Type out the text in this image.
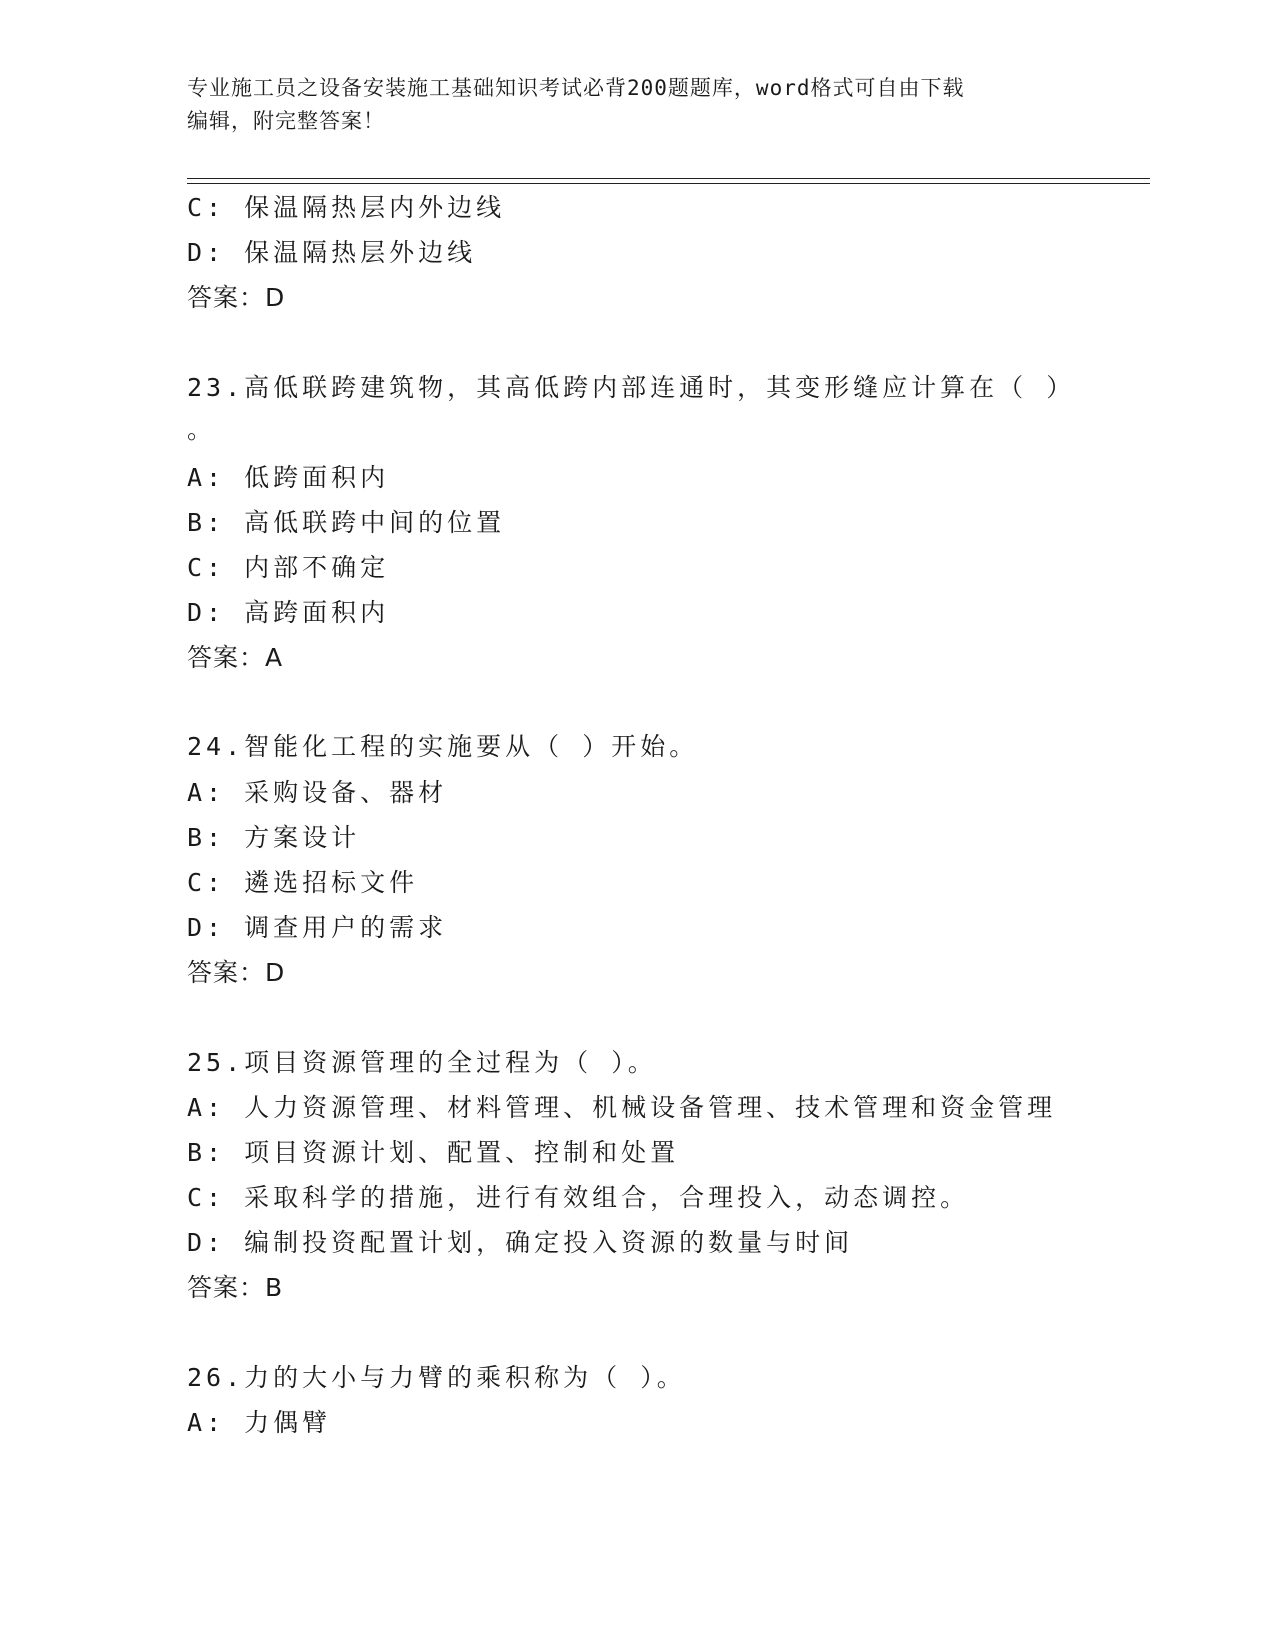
专业施工员之设备安装施工基础知识考试必背200题题库，word格式可自由下载
编辑，附完整答案！
C: 保温隔热层内外边线
D: 保温隔热层外边线
答案：D
23.高低联跨建筑物，其高低跨内部连通时，其变形缝应计算在（ ）
。
A: 低跨面积内
B: 高低联跨中间的位置
C: 内部不确定
D: 高跨面积内
答案：A
24.智能化工程的实施要从（ ）开始。
A: 采购设备、器材
B: 方案设计
C: 遴选招标文件
D: 调查用户的需求
答案：D
25.项目资源管理的全过程为（ ）。
A: 人力资源管理、材料管理、机械设备管理、技术管理和资金管理
B: 项目资源计划、配置、控制和处置
C: 采取科学的措施，进行有效组合，合理投入，动态调控。
D: 编制投资配置计划，确定投入资源的数量与时间
答案：B
26.力的大小与力臂的乘积称为（ ）。
A: 力偶臂
